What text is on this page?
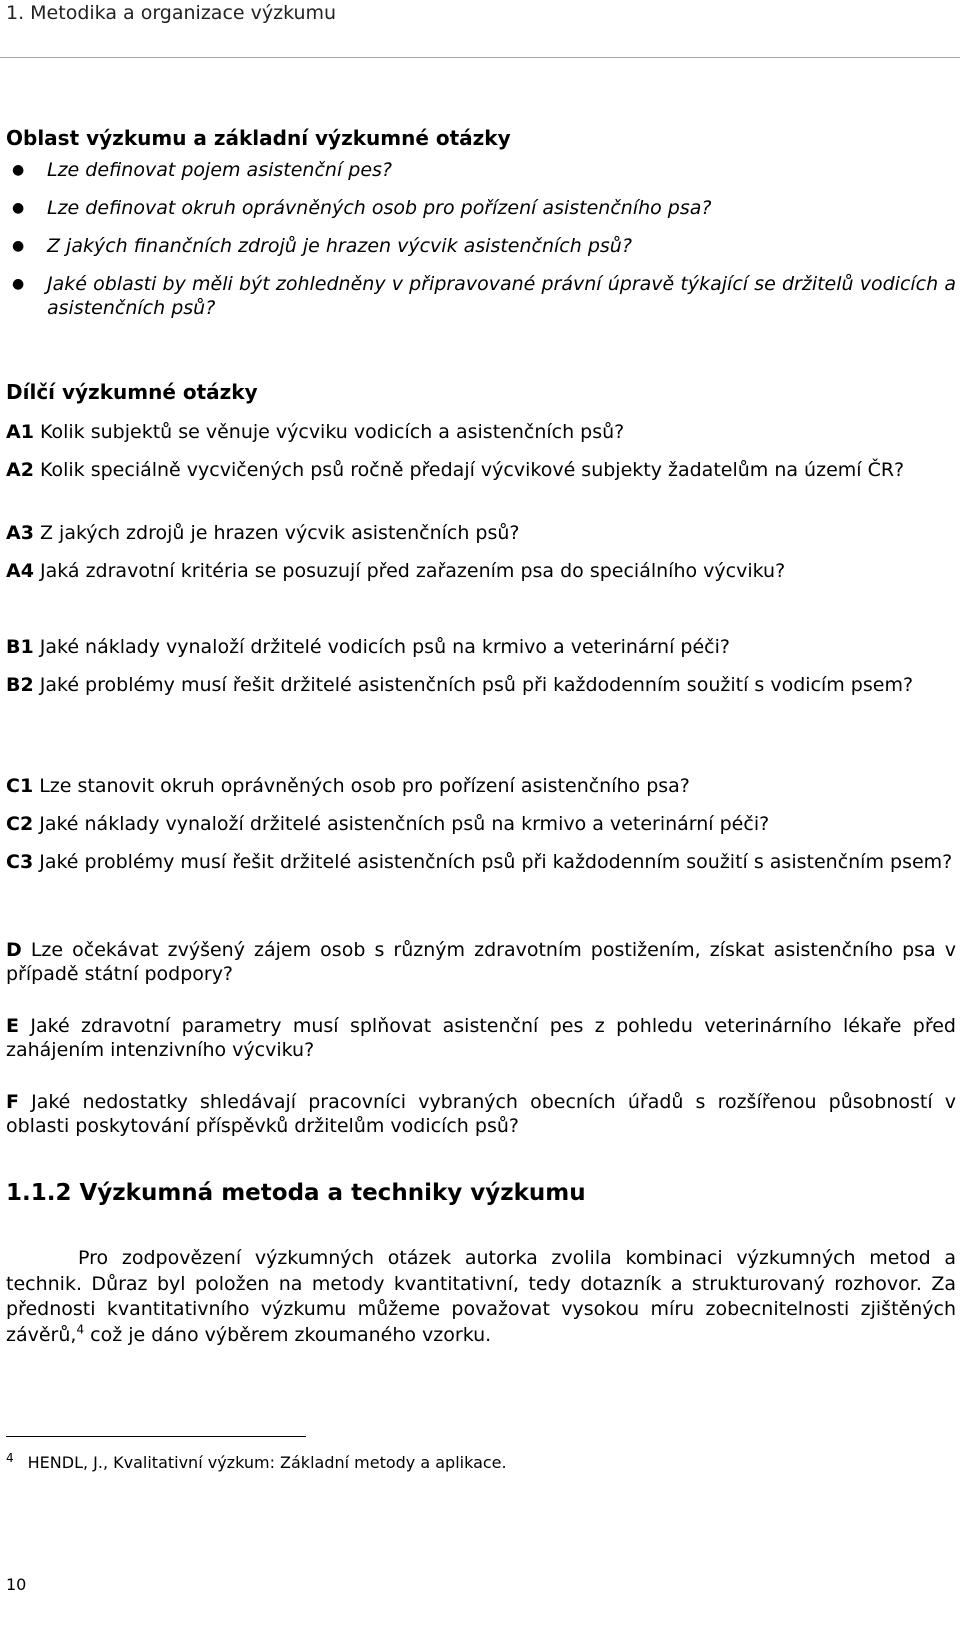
1. Metodika a organizace výzkumu
Oblast výzkumu a základní výzkumné otázky
● Lze definovat pojem asistenční pes?
● Lze definovat okruh oprávněných osob pro pořízení asistenčního psa?
● Z jakých finančních zdrojů je hrazen výcvik asistenčních psů?
● Jaké oblasti by měli být zohledněny v připravované právní úpravě týkající se držitelů vodicích a asistenčních psů?
Dílčí výzkumné otázky

A1 Kolik subjektů se věnuje výcviku vodicích a asistenčních psů?

A2 Kolik speciálně vycvičených psů ročně předají výcvikové subjekty žadatelům na území ČR?

A3 Z jakých zdrojů je hrazen výcvik asistenčních psů?

A4 Jaká zdravotní kritéria se posuzují před zařazením psa do speciálního výcviku?

B1 Jaké náklady vynaloží držitelé vodicích psů na krmivo a veterinární péči?

B2 Jaké problémy musí řešit držitelé asistenčních psů při každodenním soužití s vodicím psem?

C1 Lze stanovit okruh oprávněných osob pro pořízení asistenčního psa?

C2 Jaké náklady vynaloží držitelé asistenčních psů na krmivo a veterinární péči?

C3 Jaké problémy musí řešit držitelé asistenčních psů při každodenním soužití s asistenčním psem?

D Lze očekávat zvýšený zájem osob s různým zdravotním postižením, získat asistenčního psa v případě státní podpory?

E Jaké zdravotní parametry musí splňovat asistenční pes z pohledu veterinárního lékaře před zahájením intenzivního výcviku?

F Jaké nedostatky shledávají pracovníci vybraných obecních úřadů s rozšířenou působností v oblasti poskytování příspěvků držitelům vodicích psů?

1.1.2 Výzkumná metoda a techniky výzkumu

Pro zodpovězení výzkumných otázek autorka zvolila kombinaci výzkumných metod a technik. Důraz byl položen na metody kvantitativní, tedy dotazník a strukturovaný rozhovor. Za přednosti kvantitativního výzkumu můžeme považovat vysokou míru zobecnitelnosti zjištěných závěrů,$^4$ což je dáno výběrem zkoumaného vzorku.

$^4$ HENDL, J., Kvalitativní výzkum: Základní metody a aplikace.
10
